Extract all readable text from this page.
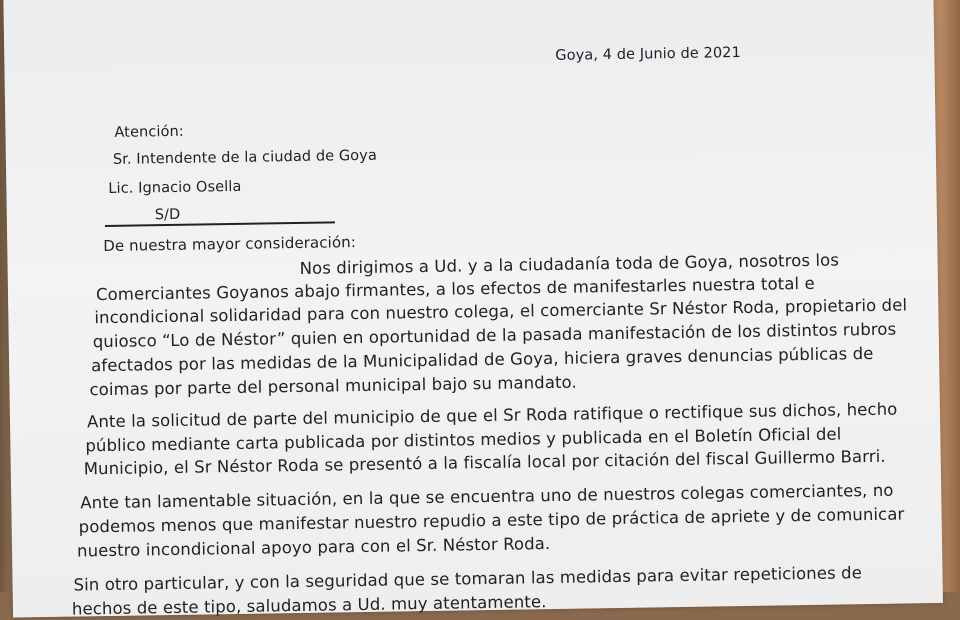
Goya, 4 de Junio de 2021
Atención:
Sr. Intendente de la ciudad de Goya
Lic. Ignacio Osella
S/D
De nuestra mayor consideración:
Nos dirigimos a Ud. y a la ciudadanía toda de Goya, nosotros los
Comerciantes Goyanos abajo firmantes, a los efectos de manifestarles nuestra total e
incondicional solidaridad para con nuestro colega, el comerciante Sr Néstor Roda, propietario del
quiosco “Lo de Néstor” quien en oportunidad de la pasada manifestación de los distintos rubros
afectados por las medidas de la Municipalidad de Goya, hiciera graves denuncias públicas de
coimas por parte del personal municipal bajo su mandato.
Ante la solicitud de parte del municipio de que el Sr Roda ratifique o rectifique sus dichos, hecho
público mediante carta publicada por distintos medios y publicada en el Boletín Oficial del
Municipio, el Sr Néstor Roda se presentó a la fiscalía local por citación del fiscal Guillermo Barri.
Ante tan lamentable situación, en la que se encuentra uno de nuestros colegas comerciantes, no
podemos menos que manifestar nuestro repudio a este tipo de práctica de apriete y de comunicar
nuestro incondicional apoyo para con el Sr. Néstor Roda.
Sin otro particular, y con la seguridad que se tomaran las medidas para evitar repeticiones de
hechos de este tipo, saludamos a Ud. muy atentamente.
